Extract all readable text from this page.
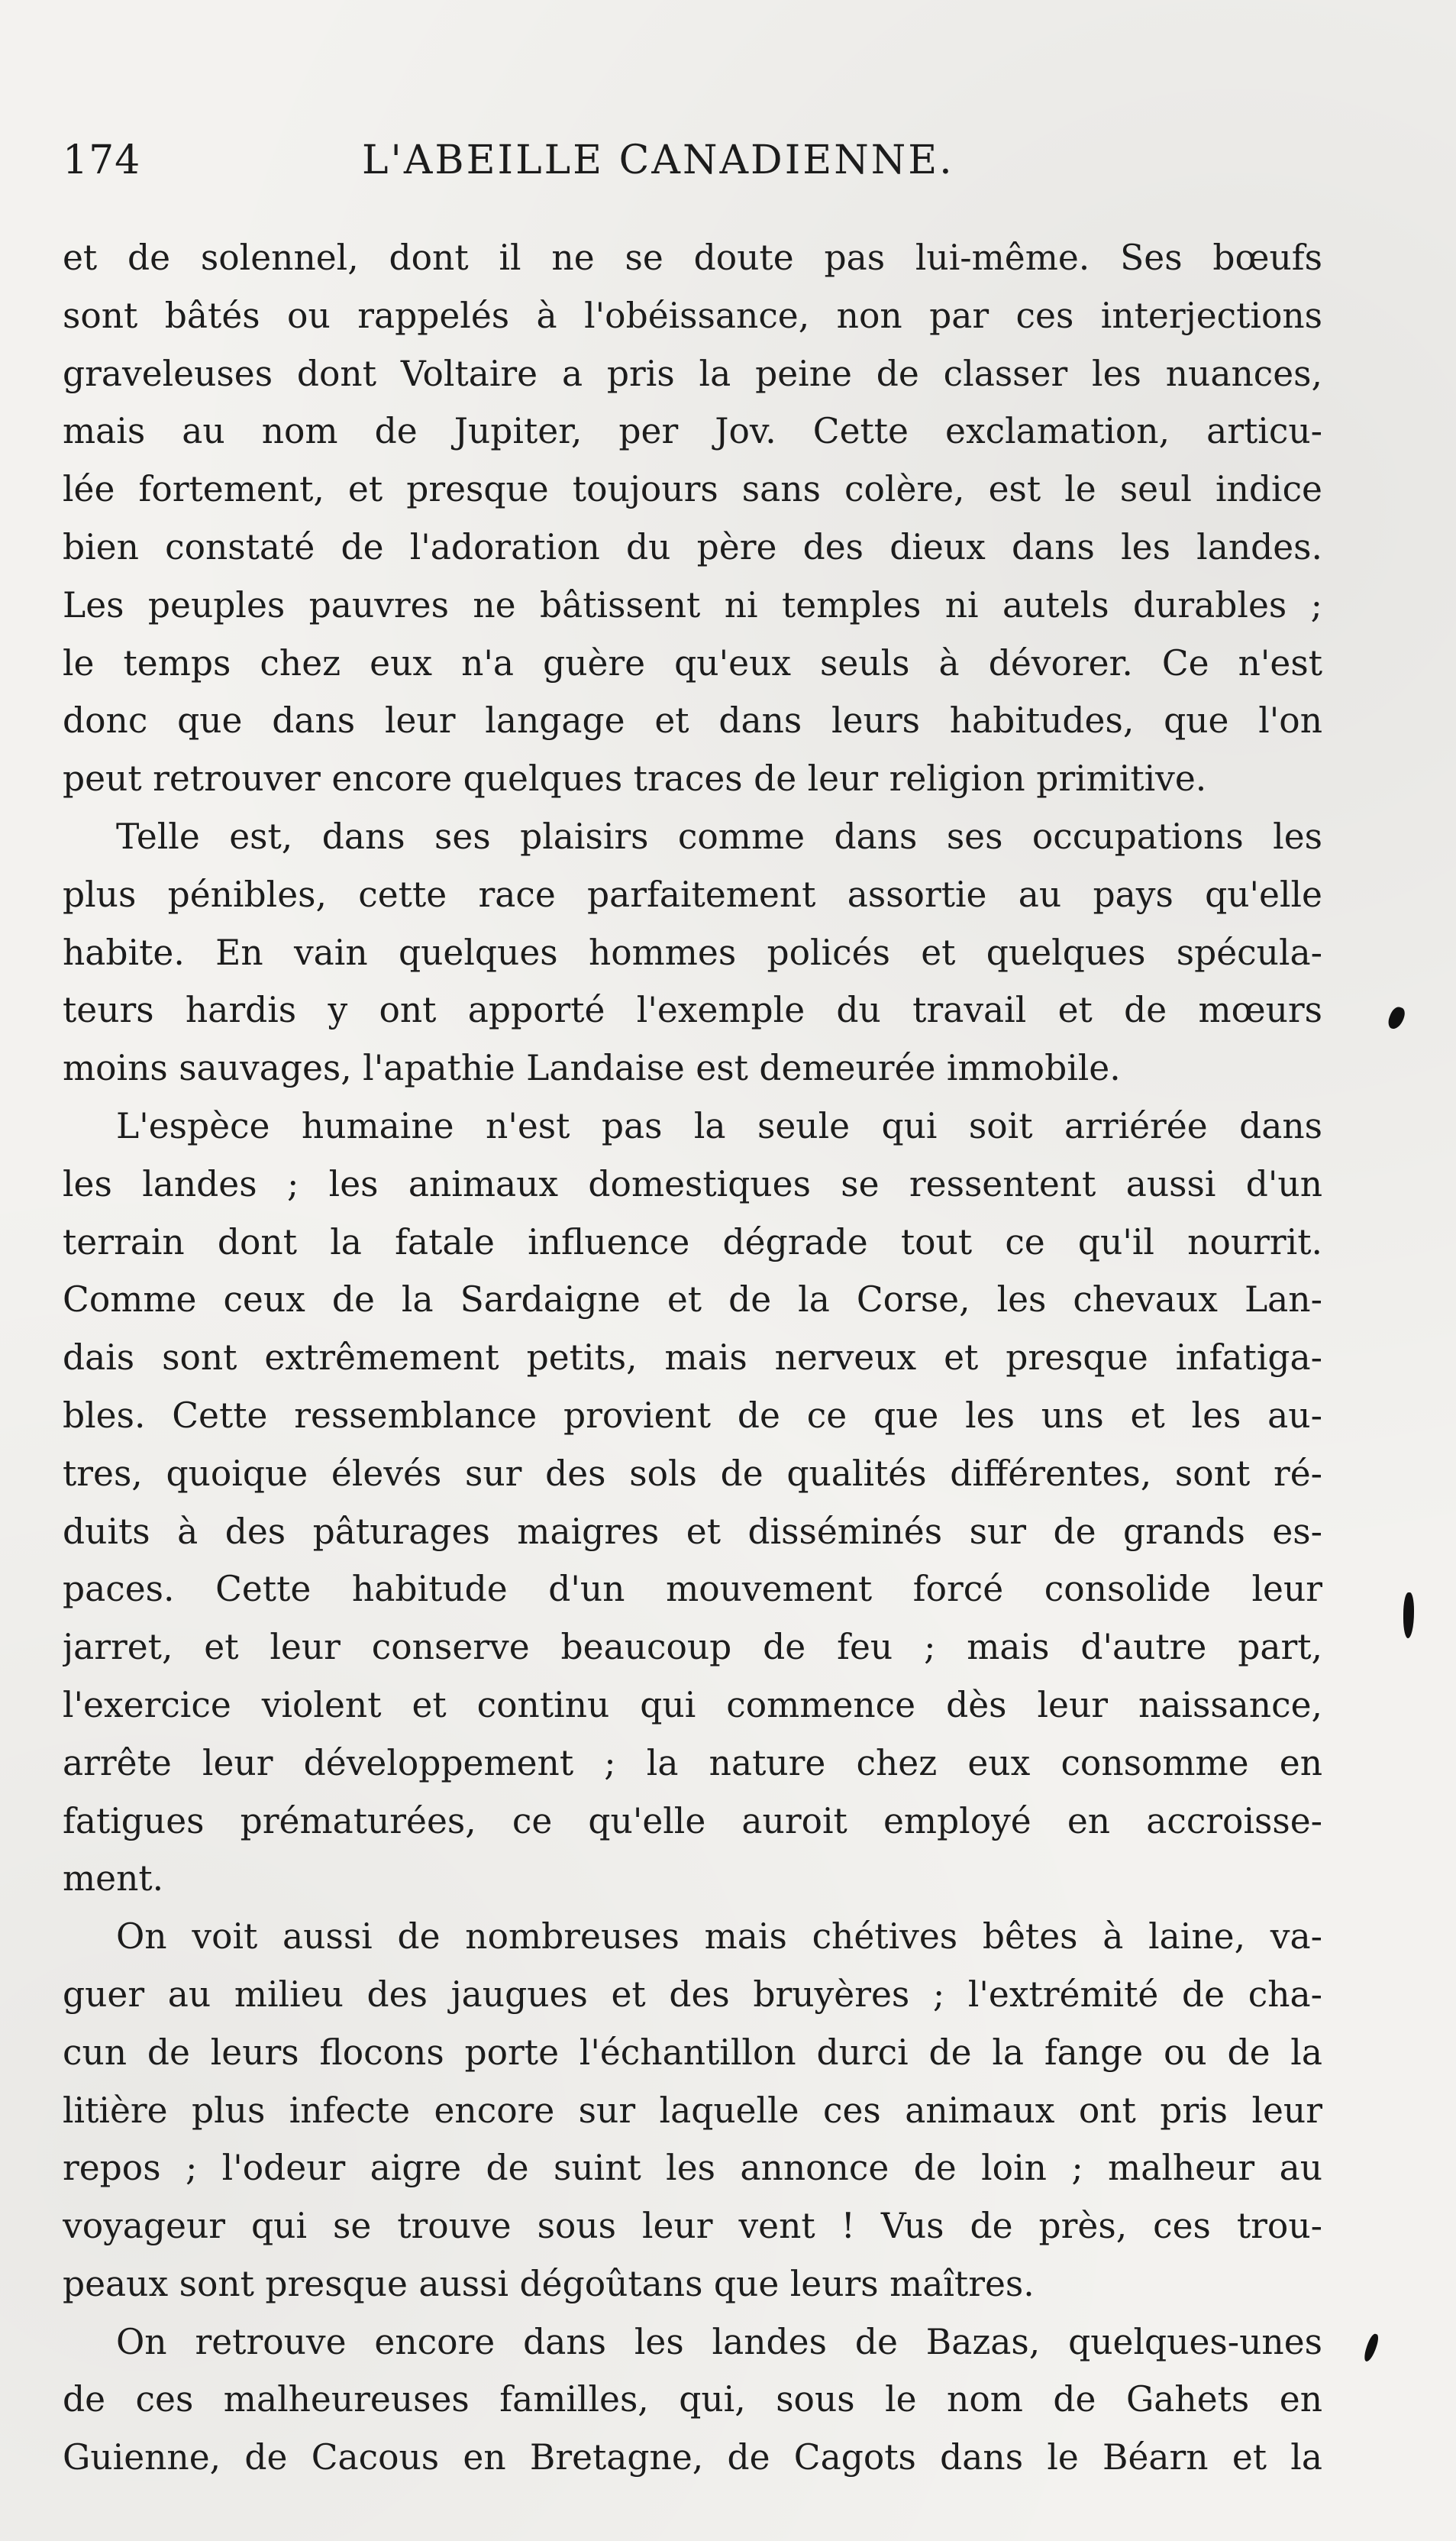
174	L'ABEILLE CANADIENNE.
et de solennel, dont il ne se doute pas lui-même. Ses bœufs
sont bâtés ou rappelés à l'obéissance, non par ces interjections
graveleuses dont Voltaire a pris la peine de classer les nuances,
mais au nom de Jupiter, per Jov. Cette exclamation, articu-
lée fortement, et presque toujours sans colère, est le seul indice
bien constaté de l'adoration du père des dieux dans les landes.
Les peuples pauvres ne bâtissent ni temples ni autels durables ;
le temps chez eux n'a guère qu'eux seuls à dévorer. Ce n'est
donc que dans leur langage et dans leurs habitudes, que l'on
peut retrouver encore quelques traces de leur religion primitive.
Telle est, dans ses plaisirs comme dans ses occupations les
plus pénibles, cette race parfaitement assortie au pays qu'elle
habite. En vain quelques hommes policés et quelques spécula-
teurs hardis y ont apporté l'exemple du travail et de mœurs
moins sauvages, l'apathie Landaise est demeurée immobile.
L'espèce humaine n'est pas la seule qui soit arriérée dans
les landes ; les animaux domestiques se ressentent aussi d'un
terrain dont la fatale influence dégrade tout ce qu'il nourrit.
Comme ceux de la Sardaigne et de la Corse, les chevaux Lan-
dais sont extrêmement petits, mais nerveux et presque infatiga-
bles. Cette ressemblance provient de ce que les uns et les au-
tres, quoique élevés sur des sols de qualités différentes, sont ré-
duits à des pâturages maigres et disséminés sur de grands es-
paces. Cette habitude d'un mouvement forcé consolide leur
jarret, et leur conserve beaucoup de feu ; mais d'autre part,
l'exercice violent et continu qui commence dès leur naissance,
arrête leur développement ; la nature chez eux consomme en
fatigues prématurées, ce qu'elle auroit employé en accroisse-
ment.
On voit aussi de nombreuses mais chétives bêtes à laine, va-
guer au milieu des jaugues et des bruyères ; l'extrémité de cha-
cun de leurs flocons porte l'échantillon durci de la fange ou de la
litière plus infecte encore sur laquelle ces animaux ont pris leur
repos ; l'odeur aigre de suint les annonce de loin ; malheur au
voyageur qui se trouve sous leur vent ! Vus de près, ces trou-
peaux sont presque aussi dégoûtans que leurs maîtres.
On retrouve encore dans les landes de Bazas, quelques-unes
de ces malheureuses familles, qui, sous le nom de Gahets en
Guienne, de Cacous en Bretagne, de Cagots dans le Béarn et la
